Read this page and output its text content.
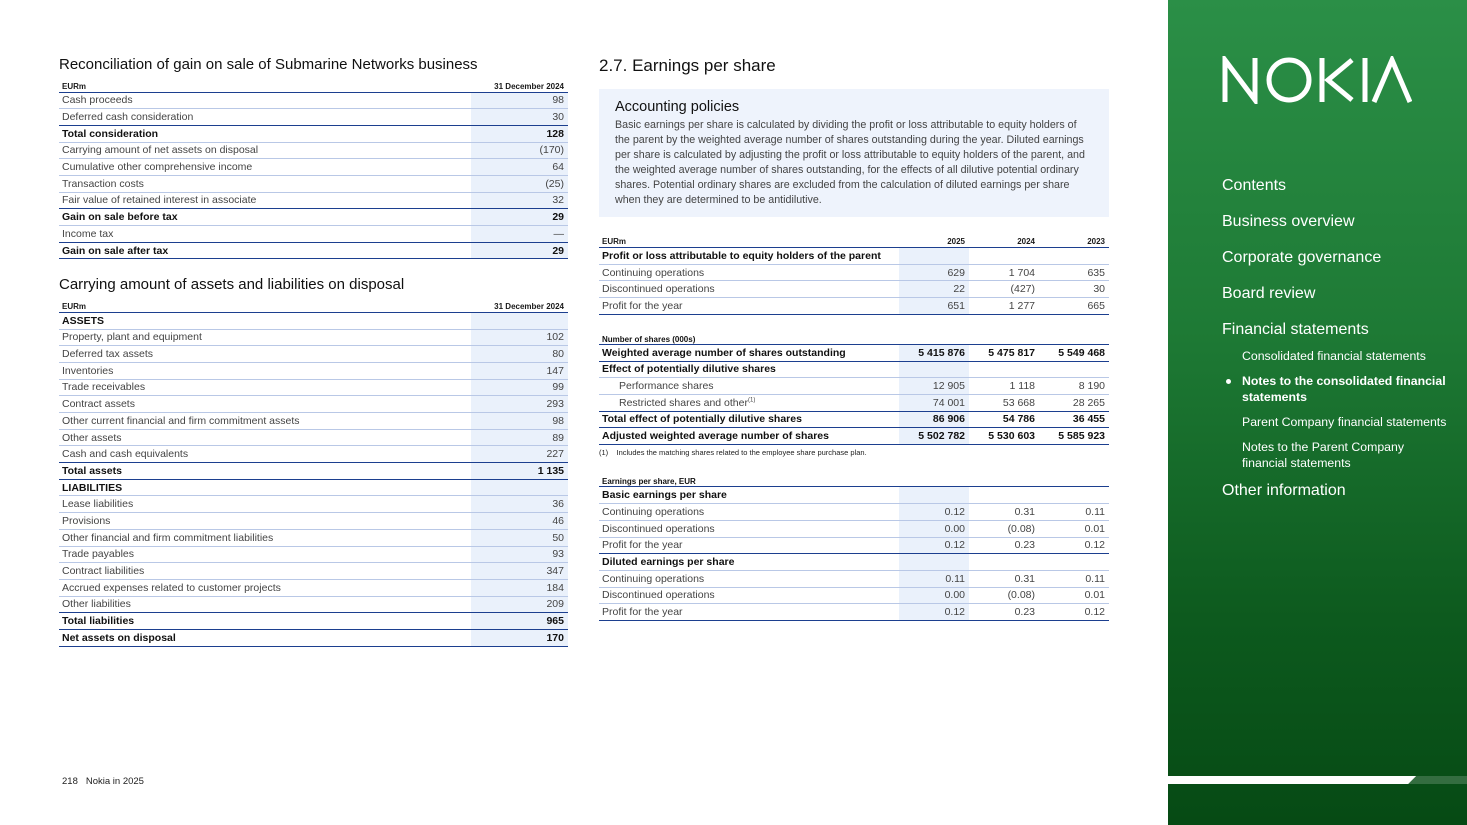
Reconciliation of gain on sale of Submarine Networks business
EURm	31 December 2024
Cash proceeds	98
Deferred cash consideration	30
Total consideration	128
Carrying amount of net assets on disposal	(170)
Cumulative other comprehensive income	64
Transaction costs	(25)
Fair value of retained interest in associate	32
Gain on sale before tax	29
Income tax	—
Gain on sale after tax	29
Carrying amount of assets and liabilities on disposal
EURm	31 December 2024
ASSETS	
Property, plant and equipment	102
Deferred tax assets	80
Inventories	147
Trade receivables	99
Contract assets	293
Other current financial and firm commitment assets	98
Other assets	89
Cash and cash equivalents	227
Total assets	1 135
LIABILITIES	
Lease liabilities	36
Provisions	46
Other financial and firm commitment liabilities	50
Trade payables	93
Contract liabilities	347
Accrued expenses related to customer projects	184
Other liabilities	209
Total liabilities	965
Net assets on disposal	170
2.7. Earnings per share
Accounting policies

Basic earnings per share is calculated by dividing the profit or loss attributable to equity holders of the parent by the weighted average number of shares outstanding during the year. Diluted earnings per share is calculated by adjusting the profit or loss attributable to equity holders of the parent, and the weighted average number of shares outstanding, for the effects of all dilutive potential ordinary shares. Potential ordinary shares are excluded from the calculation of diluted earnings per share when they are determined to be antidilutive.

EURm	2025	2024	2023
Profit or loss attributable to equity holders of the parent			
Continuing operations	629	1 704	635
Discontinued operations	22	(427)	30
Profit for the year	651	1 277	665

Number of shares (000s)			
Weighted average number of shares outstanding	5 415 876	5 475 817	5 549 468
Effect of potentially dilutive shares			
Performance shares	12 905	1 118	8 190
Restricted shares and other$^{(1)}$	74 001	53 668	28 265
Total effect of potentially dilutive shares	86 906	54 786	36 455
Adjusted weighted average number of shares	5 502 782	5 530 603	5 585 923
(1) Includes the matching shares related to the employee share purchase plan.
Earnings per share, EUR			
Basic earnings per share			
Continuing operations	0.12	0.31	0.11
Discontinued operations	0.00	(0.08)	0.01
Profit for the year	0.12	0.23	0.12
Diluted earnings per share			
Continuing operations	0.11	0.31	0.11
Discontinued operations	0.00	(0.08)	0.01
Profit for the year	0.12	0.23	0.12
218 Nokia in 2025
Contents
Business overview
Corporate governance
Board review
Financial statements
Consolidated financial statements
Notes to the consolidated financial statements
Parent Company financial statements
Notes to the Parent Company financial statements
Other information
